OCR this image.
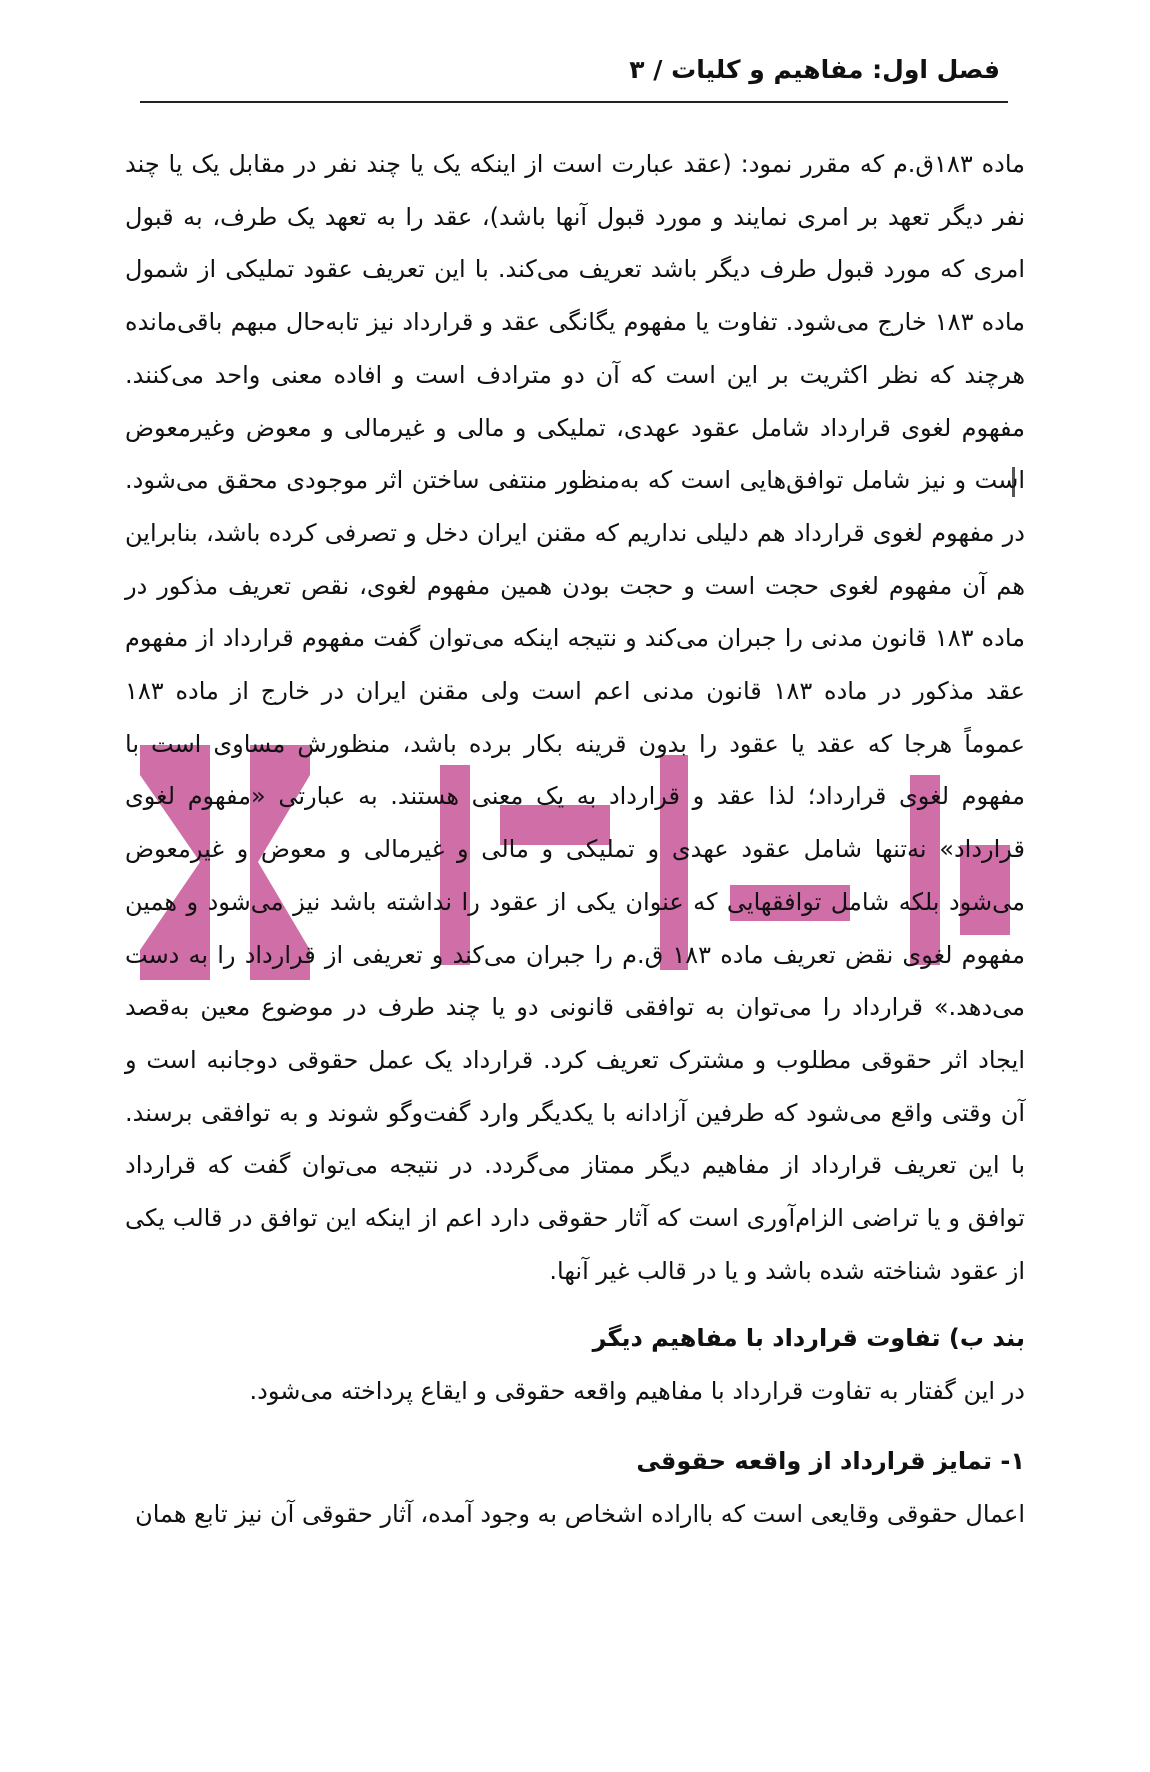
فصل اول: مفاهیم و کلیات / ۳

ماده ۱۸۳ق.م که مقرر نمود: (عقد عبارت است از اینکه یک یا چند نفر در مقابل یک یا چند نفر دیگر تعهد بر امری نمایند و مورد قبول آنها باشد)، عقد را به تعهد یک طرف، به قبول امری که مورد قبول طرف دیگر باشد تعریف می‌کند. با این تعریف عقود تملیکی از شمول ماده ۱۸۳ خارج می‌شود. تفاوت یا مفهوم یگانگی عقد و قرارداد نیز تابه‌حال مبهم باقی‌مانده هرچند که نظر اکثریت بر این است که آن دو مترادف است و افاده معنی واحد می‌کنند. مفهوم لغوی قرارداد شامل عقود عهدی، تملیکی و مالی و غیرمالی و معوض وغیرمعوض است و نیز شامل توافق‌هایی است که به‌منظور منتفی ساختن اثر موجودی محقق می‌شود. در مفهوم لغوی قرارداد هم دلیلی نداریم که مقنن ایران دخل و تصرفی کرده باشد، بنابراین هم آن مفهوم لغوی حجت است و حجت بودن همین مفهوم لغوی، نقص تعریف مذکور در ماده ۱۸۳ قانون مدنی را جبران می‌کند و نتیجه اینکه می‌توان گفت مفهوم قرارداد از مفهوم عقد مذکور در ماده ۱۸۳ قانون مدنی اعم است ولی مقنن ایران در خارج از ماده ۱۸۳ عموماً هرجا که عقد یا عقود را بدون قرینه بکار برده باشد، منظورش مساوی است با مفهوم لغوی قرارداد؛ لذا عقد و قرارداد به یک معنی هستند. به عبارتی «مفهوم لغوی قرارداد» نه‌تنها شامل عقود عهدی و تملیکی و مالی و غیرمالی و معوض و غیرمعوض می‌شود بلکه شامل توافقهایی که عنوان یکی از عقود را نداشته باشد نیز می‌شود و همین مفهوم لغوی نقض تعریف ماده ۱۸۳ ق.م را جبران می‌کند و تعریفی از قرارداد را به دست می‌دهد.» قرارداد را می‌توان به توافقی قانونی دو یا چند طرف در موضوع معین به‌قصد ایجاد اثر حقوقی مطلوب و مشترک تعریف کرد. قرارداد یک عمل حقوقی دوجانبه است و آن وقتی واقع می‌شود که طرفین آزادانه با یکدیگر وارد گفت‌وگو شوند و به توافقی برسند. با این تعریف قرارداد از مفاهیم دیگر ممتاز می‌گردد. در نتیجه می‌توان گفت که قرارداد توافق و یا تراضی الزام‌آوری است که آثار حقوقی دارد اعم از اینکه این توافق در قالب یکی از عقود شناخته شده باشد و یا در قالب غیر آنها.

بند ب) تفاوت قرارداد با مفاهیم دیگر

در این گفتار به تفاوت قرارداد با مفاهیم واقعه حقوقی و ایقاع پرداخته می‌شود.

۱- تمایز قرارداد از واقعه حقوقی

اعمال حقوقی وقایعی است که بااراده اشخاص به وجود آمده، آثار حقوقی آن نیز تابع همان
